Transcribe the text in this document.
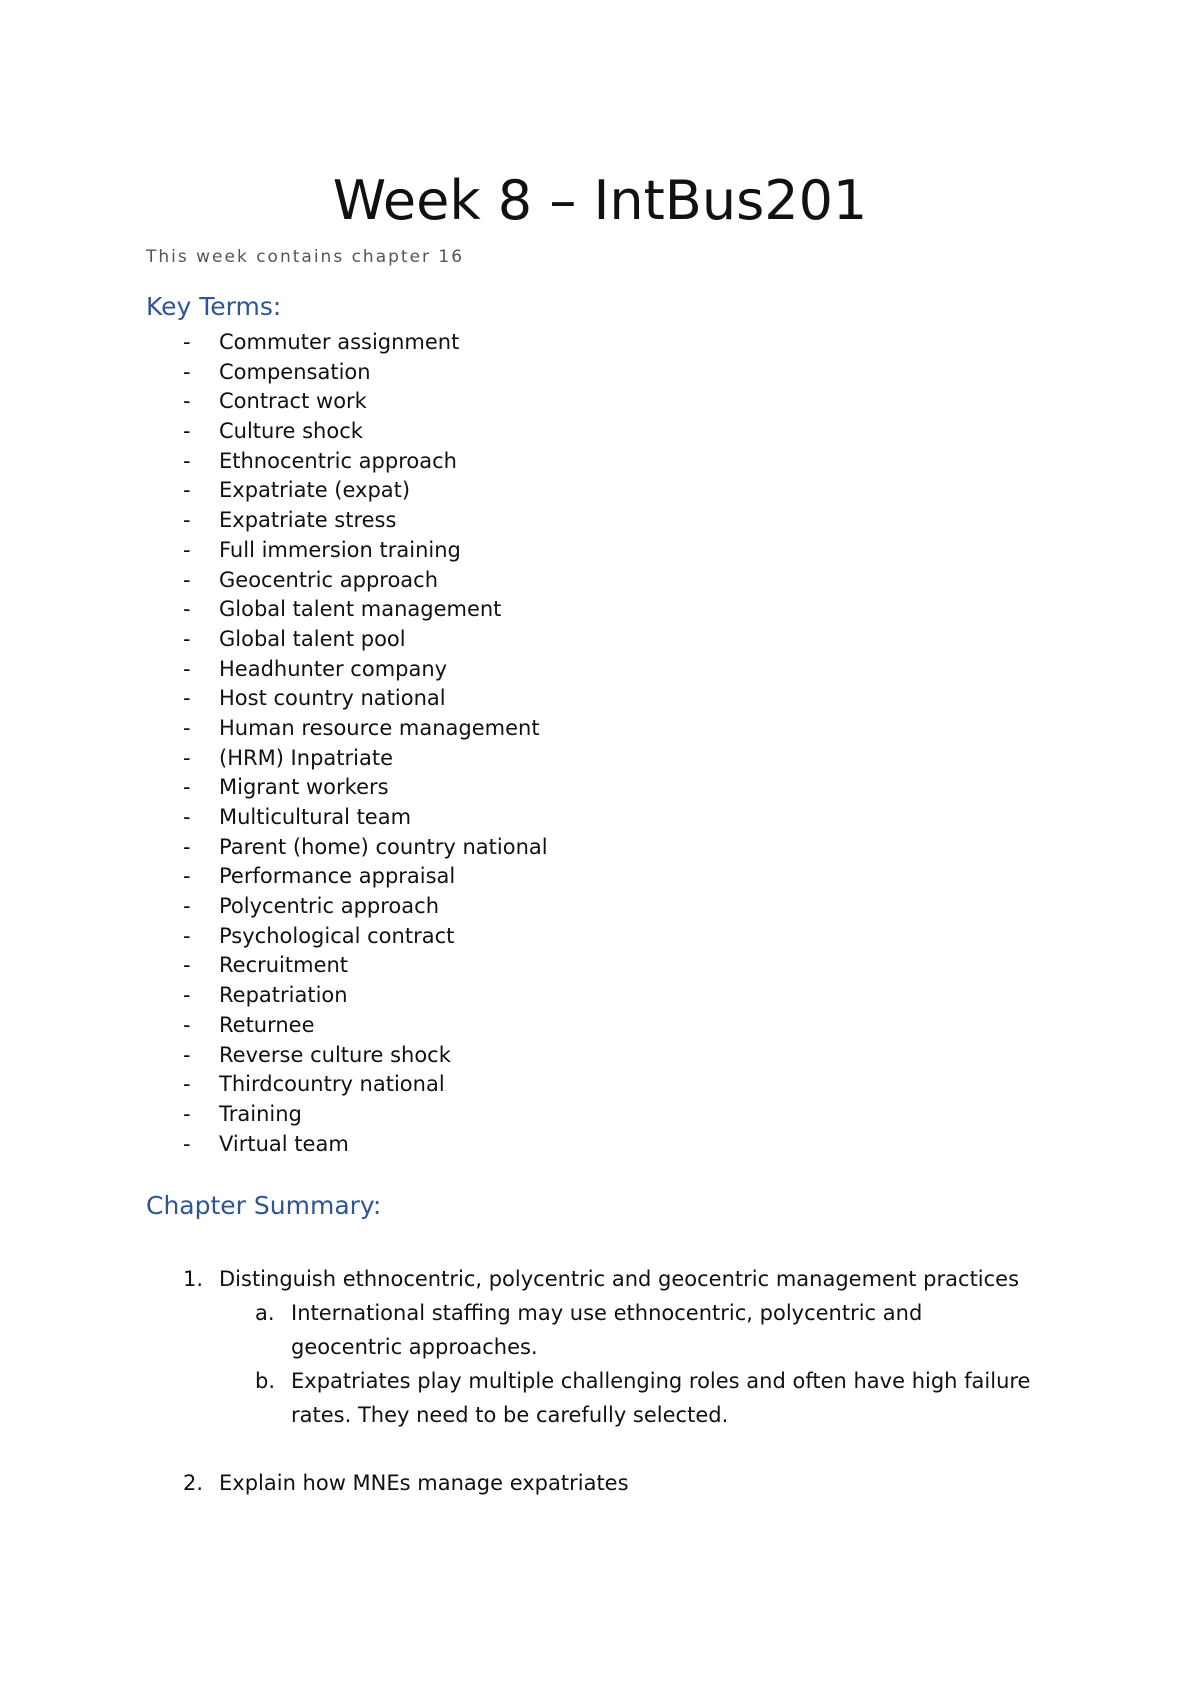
Week 8 – IntBus201

This week contains chapter 16

Key Terms:
- Commuter assignment
- Compensation
- Contract work
- Culture shock
- Ethnocentric approach
- Expatriate (expat)
- Expatriate stress
- Full immersion training
- Geocentric approach
- Global talent management
- Global talent pool
- Headhunter company
- Host country national
- Human resource management
- (HRM) Inpatriate
- Migrant workers
- Multicultural team
- Parent (home) country national
- Performance appraisal
- Polycentric approach
- Psychological contract
- Recruitment
- Repatriation
- Returnee
- Reverse culture shock
- Thirdcountry national
- Training
- Virtual team
Chapter Summary:
1. Distinguish ethnocentric, polycentric and geocentric management practices
a. International staffing may use ethnocentric, polycentric and geocentric approaches.
b. Expatriates play multiple challenging roles and often have high failure rates. They need to be carefully selected.
2. Explain how MNEs manage expatriates
